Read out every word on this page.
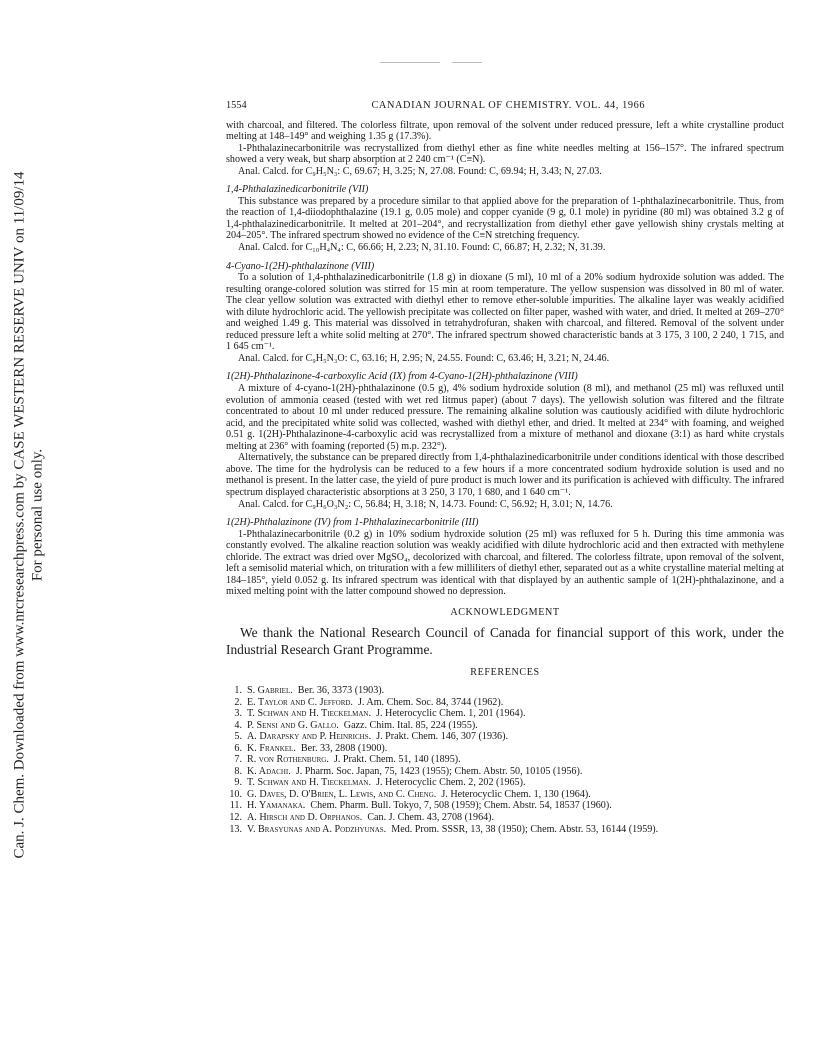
Can. J. Chem. Downloaded from www.nrcresearchpress.com by CASE WESTERN RESERVE UNIV on 11/09/14 For personal use only.
1554	CANADIAN JOURNAL OF CHEMISTRY. VOL. 44, 1966

with charcoal, and filtered. The colorless filtrate, upon removal of the solvent under reduced pressure, left a white crystalline product melting at 148–149° and weighing 1.35 g (17.3%).

1-Phthalazinecarbonitrile was recrystallized from diethyl ether as fine white needles melting at 156–157°. The infrared spectrum showed a very weak, but sharp absorption at 2 240 cm⁻¹ (C≡N).

Anal. Calcd. for C₉H₅N₃: C, 69.67; H, 3.25; N, 27.08. Found: C, 69.94; H, 3.43; N, 27.03.

1,4-Phthalazinedicarbonitrile (VII)

This substance was prepared by a procedure similar to that applied above for the preparation of 1-phthalazinecarbonitrile. Thus, from the reaction of 1,4-diiodophthalazine (19.1 g, 0.05 mole) and copper cyanide (9 g, 0.1 mole) in pyridine (80 ml) was obtained 3.2 g of 1,4-phthalazinedicarbonitrile. It melted at 201–204°, and recrystallization from diethyl ether gave yellowish shiny crystals melting at 204–205°. The infrared spectrum showed no evidence of the C≡N stretching frequency.

Anal. Calcd. for C₁₀H₄N₄: C, 66.66; H, 2.23; N, 31.10. Found: C, 66.87; H, 2.32; N, 31.39.

4-Cyano-1(2H)-phthalazinone (VIII)

To a solution of 1,4-phthalazinedicarbonitrile (1.8 g) in dioxane (5 ml), 10 ml of a 20% sodium hydroxide solution was added. The resulting orange-colored solution was stirred for 15 min at room temperature. The yellow suspension was dissolved in 80 ml of water. The clear yellow solution was extracted with diethyl ether to remove ether-soluble impurities. The alkaline layer was weakly acidified with dilute hydrochloric acid. The yellowish precipitate was collected on filter paper, washed with water, and dried. It melted at 269–270° and weighed 1.49 g. This material was dissolved in tetrahydrofuran, shaken with charcoal, and filtered. Removal of the solvent under reduced pressure left a white solid melting at 270°. The infrared spectrum showed characteristic bands at 3 175, 3 100, 2 240, 1 715, and 1 645 cm⁻¹.

Anal. Calcd. for C₉H₅N₃O: C, 63.16; H, 2.95; N, 24.55. Found: C, 63.46; H, 3.21; N, 24.46.

1(2H)-Phthalazinone-4-carboxylic Acid (IX) from 4-Cyano-1(2H)-phthalazinone (VIII)

A mixture of 4-cyano-1(2H)-phthalazinone (0.5 g), 4% sodium hydroxide solution (8 ml), and methanol (25 ml) was refluxed until evolution of ammonia ceased (tested with wet red litmus paper) (about 7 days). The yellowish solution was filtered and the filtrate concentrated to about 10 ml under reduced pressure. The remaining alkaline solution was cautiously acidified with dilute hydrochloric acid, and the precipitated white solid was collected, washed with diethyl ether, and dried. It melted at 234° with foaming, and weighed 0.51 g. 1(2H)-Phthalazinone-4-carboxylic acid was recrystallized from a mixture of methanol and dioxane (3:1) as hard white crystals melting at 236° with foaming (reported (5) m.p. 232°).

Alternatively, the substance can be prepared directly from 1,4-phthalazinedicarbonitrile under conditions identical with those described above. The time for the hydrolysis can be reduced to a few hours if a more concentrated sodium hydroxide solution is used and no methanol is present. In the latter case, the yield of pure product is much lower and its purification is achieved with difficulty. The infrared spectrum displayed characteristic absorptions at 3 250, 3 170, 1 680, and 1 640 cm⁻¹.

Anal. Calcd. for C₉H₆O₃N₂: C, 56.84; H, 3.18; N, 14.73. Found: C, 56.92; H, 3.01; N, 14.76.

1(2H)-Phthalazinone (IV) from 1-Phthalazinecarbonitrile (III)

1-Phthalazinecarbonitrile (0.2 g) in 10% sodium hydroxide solution (25 ml) was refluxed for 5 h. During this time ammonia was constantly evolved. The alkaline reaction solution was weakly acidified with dilute hydrochloric acid and then extracted with methylene chloride. The extract was dried over MgSO₄, decolorized with charcoal, and filtered. The colorless filtrate, upon removal of the solvent, left a semisolid material which, on trituration with a few milliliters of diethyl ether, separated out as a white crystalline material melting at 184–185°, yield 0.052 g. Its infrared spectrum was identical with that displayed by an authentic sample of 1(2H)-phthalazinone, and a mixed melting point with the latter compound showed no depression.

ACKNOWLEDGMENT

We thank the National Research Council of Canada for financial support of this work, under the Industrial Research Grant Programme.

REFERENCES
1. S. Gabriel. Ber. 36, 3373 (1903).
2. E. Taylor and C. Jefford. J. Am. Chem. Soc. 84, 3744 (1962).
3. T. Schwan and H. Tieckelman. J. Heterocyclic Chem. 1, 201 (1964).
4. P. Sensi and G. Gallo. Gazz. Chim. Ital. 85, 224 (1955).
5. A. Darapsky and P. Heinrichs. J. Prakt. Chem. 146, 307 (1936).
6. K. Frankel. Ber. 33, 2808 (1900).
7. R. von Rothenburg. J. Prakt. Chem. 51, 140 (1895).
8. K. Adachi. J. Pharm. Soc. Japan, 75, 1423 (1955); Chem. Abstr. 50, 10105 (1956).
9. T. Schwan and H. Tieckelman. J. Heterocyclic Chem. 2, 202 (1965).
10. G. Daves, D. O'Brien, L. Lewis, and C. Cheng. J. Heterocyclic Chem. 1, 130 (1964).
11. H. Yamanaka. Chem. Pharm. Bull. Tokyo, 7, 508 (1959); Chem. Abstr. 54, 18537 (1960).
12. A. Hirsch and D. Orphanos. Can. J. Chem. 43, 2708 (1964).
13. V. Brasyunas and A. Podzhyunas. Med. Prom. SSSR, 13, 38 (1950); Chem. Abstr. 53, 16144 (1959).
